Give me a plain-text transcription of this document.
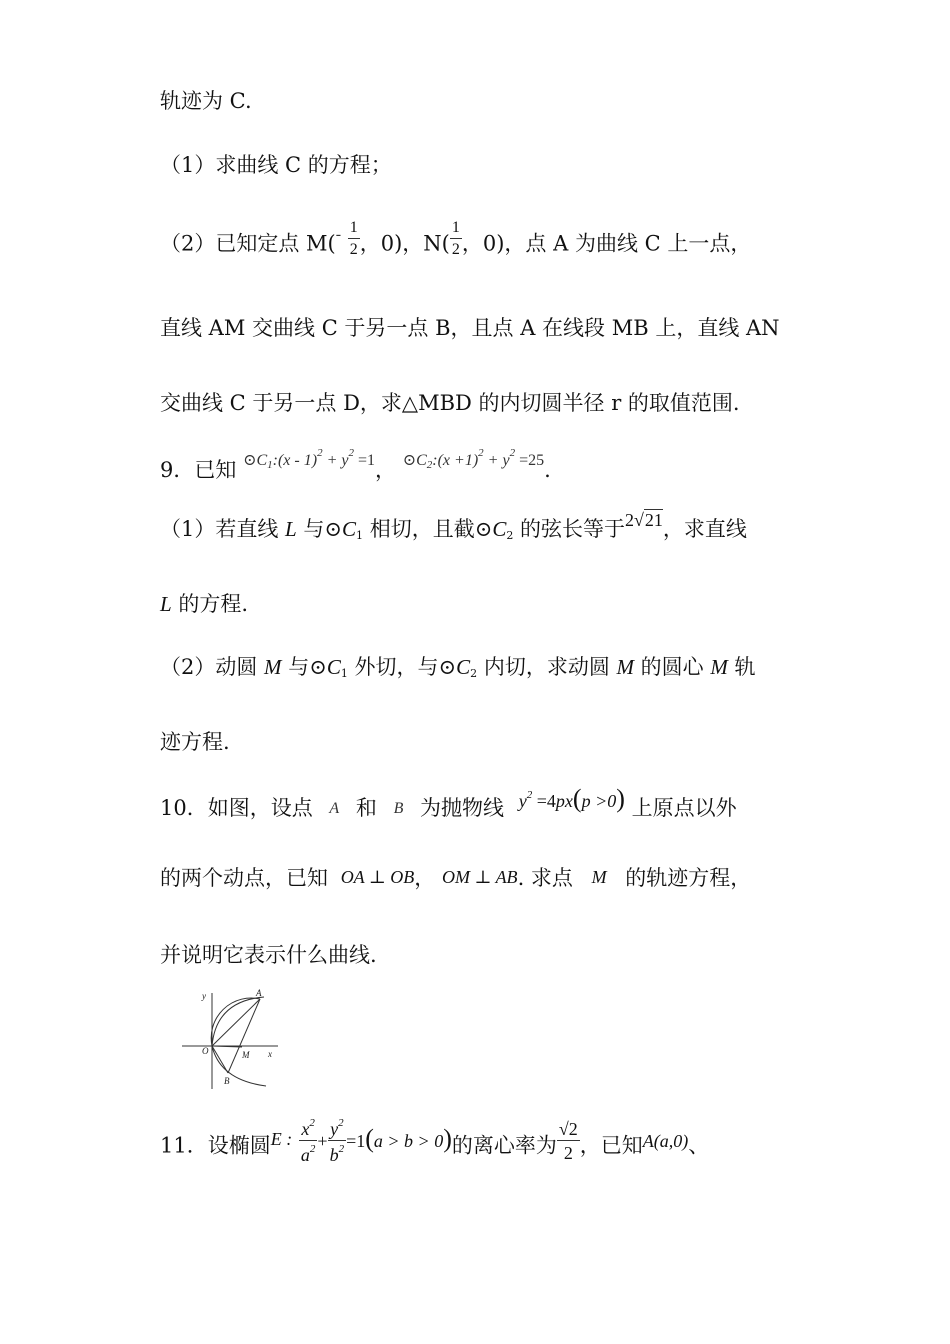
轨迹为 C.
（1）求曲线 C 的方程；
（2）已知定点 $M(^- \frac{1}{2}$ ，0)，$N( \frac{1}{2}$ ，0)，点 A 为曲线 C 上一点，
直线 AM 交曲线 C 于另一点 B，且点 A 在线段 MB 上，直线 AN
交曲线 C 于另一点 D，求△MBD 的内切圆半径 r 的取值范围.
9．已知 $^{⊙C_1:(x - 1)^2 + y^2 =1}$， $^{⊙C_2:(x +1)^2 + y^2 =25}$.
（1）若直线 L 与$⊙C_1$ 相切，且截$⊙C_2$ 的弦长等于2√21，求直线
L 的方程.
（2）动圆 M 与$⊙C_1$ 外切，与$⊙C_2$ 内切，求动圆 M 的圆心 M 轨
迹方程.
10．如图，设点 A 和 B 为抛物线 $y^2 =4px(p >0)$ 上原点以外
的两个动点，已知 OA ⊥ OB， OM ⊥ AB. 求点 M 的轨迹方程，
并说明它表示什么曲线.
y
x
O
A
B
M
11．设椭圆E : $\frac{x^2}{a^2} + \frac{y^2}{b^2} =1(a > b > 0)$的离心率为 $\frac{√2}{2}$ ，已知A(a,0)、
